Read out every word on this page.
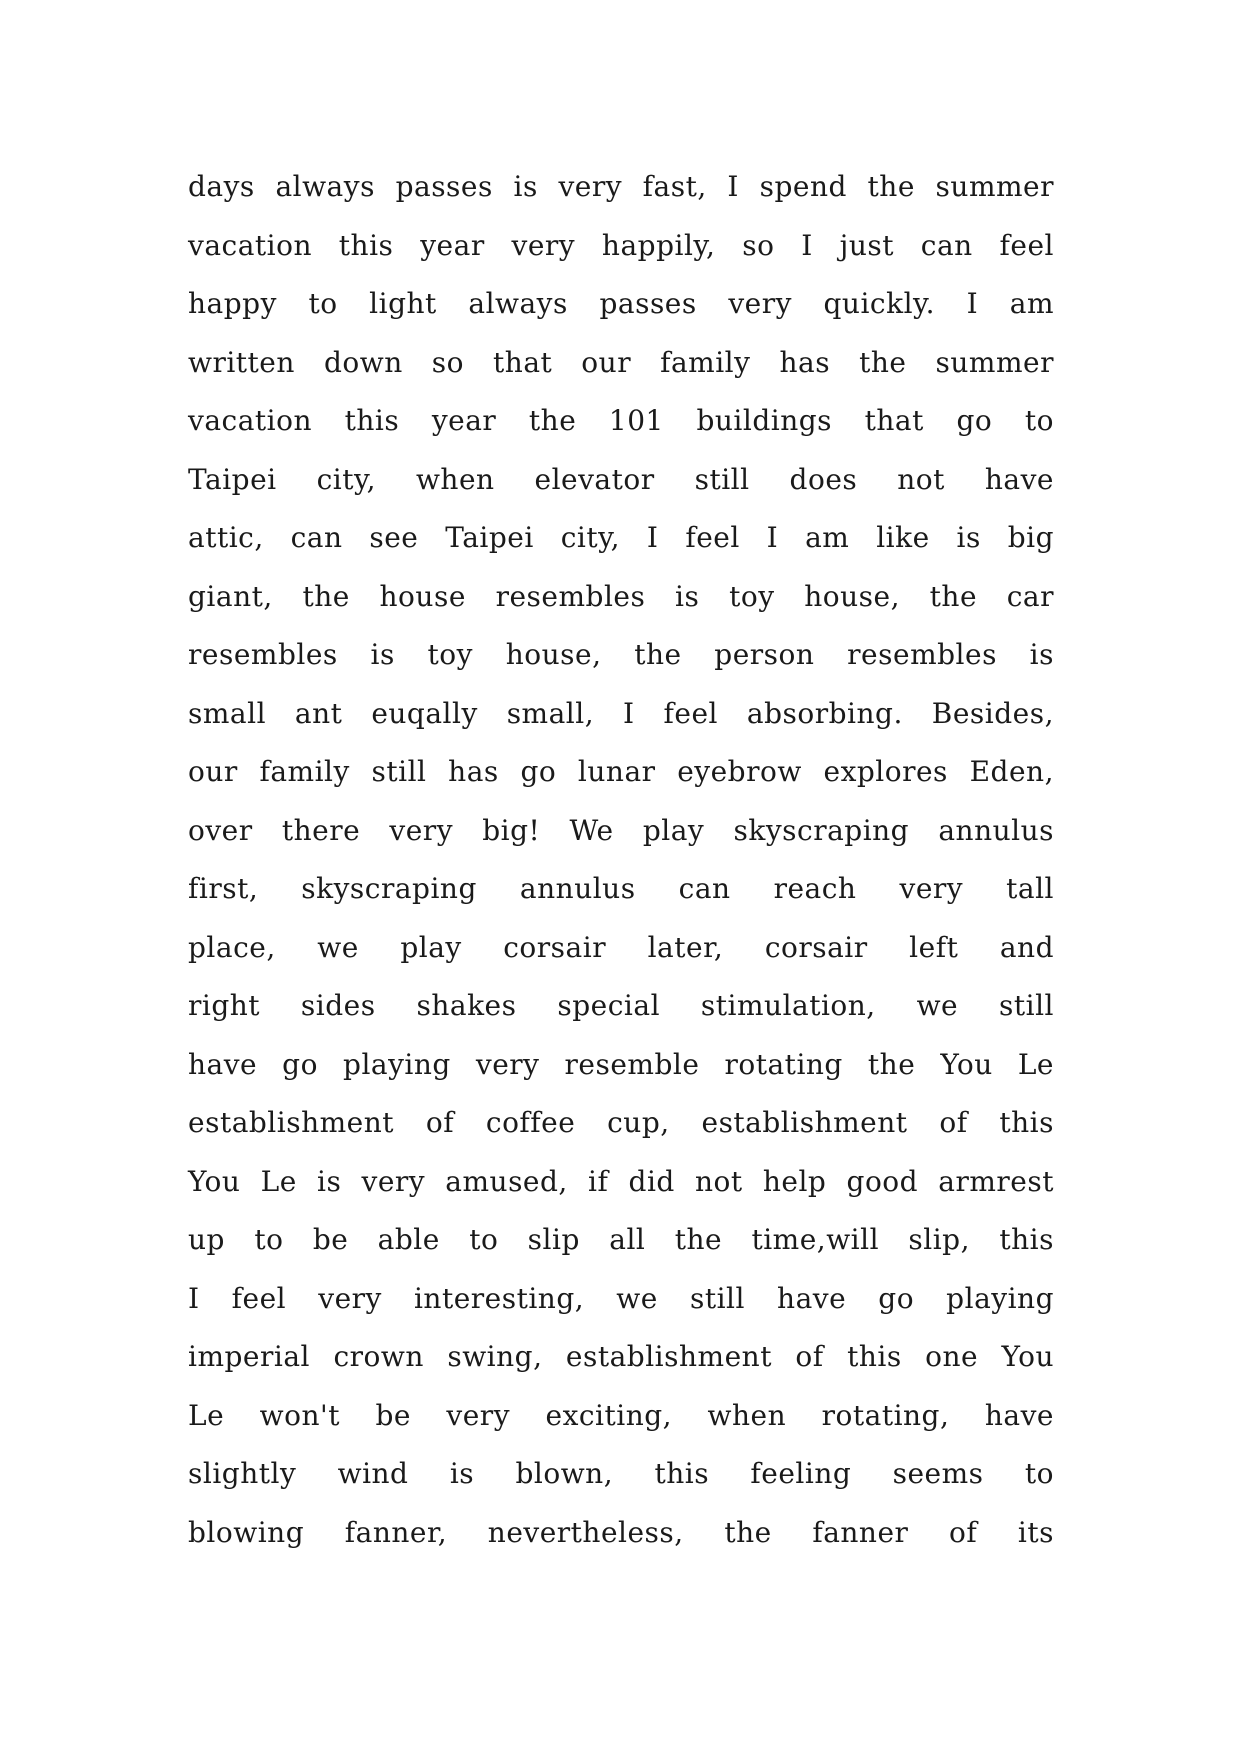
days always passes is very fast, I spend the summer
vacation this year very happily, so I just can feel
happy to light always passes very quickly. I am
written down so that our family has the summer
vacation this year the 101 buildings that go to
Taipei city, when elevator still does not have
attic, can see Taipei city, I feel I am like is big
giant, the house resembles is toy house, the car
resembles is toy house, the person resembles is
small ant euqally small, I feel absorbing. Besides,
our family still has go lunar eyebrow explores Eden,
over there very big! We play skyscraping annulus
first, skyscraping annulus can reach very tall
place, we play corsair later, corsair left and
right sides shakes special stimulation, we still
have go playing very resemble rotating the You Le
establishment of coffee cup, establishment of this
You Le is very amused, if did not help good armrest
up to be able to slip all the time,will slip, this
I feel very interesting, we still have go playing
imperial crown swing, establishment of this one You
Le won't be very exciting, when rotating, have
slightly wind is blown, this feeling seems to
blowing fanner, nevertheless, the fanner of its
